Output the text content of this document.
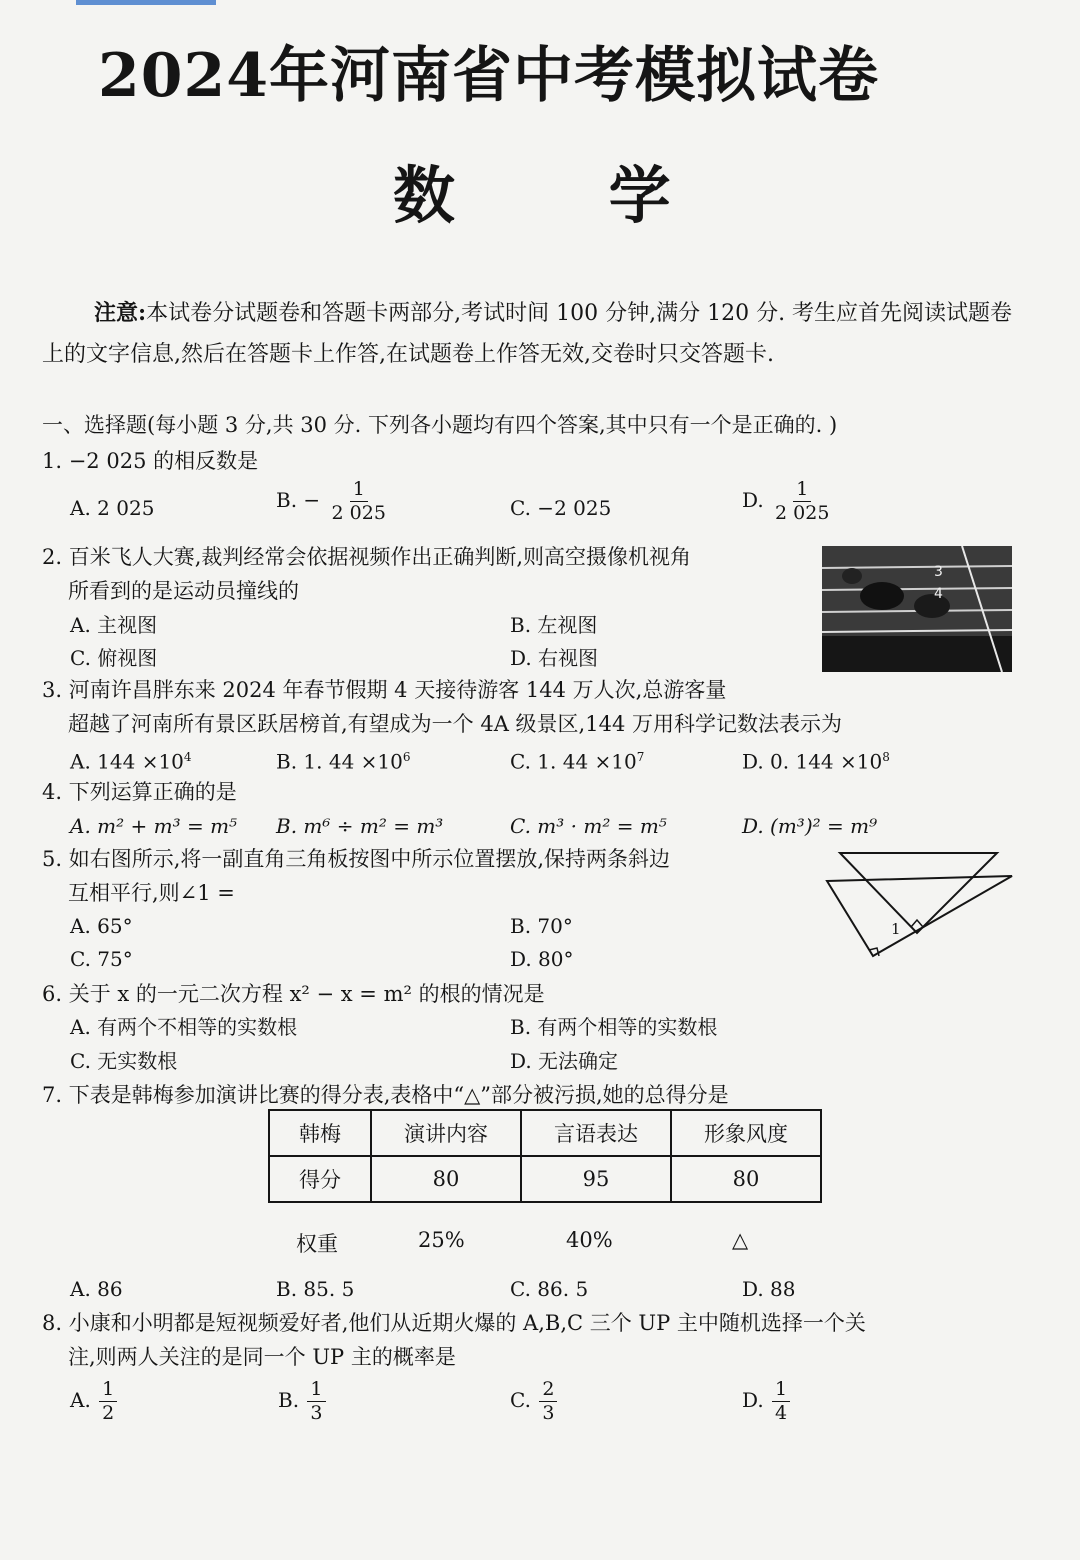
2024年河南省中考模拟试卷
数 学
注意:本试卷分试题卷和答题卡两部分,考试时间 100 分钟,满分 120 分. 考生应首先阅读试题卷上的文字信息,然后在答题卡上作答,在试题卷上作答无效,交卷时只交答题卡.
一、选择题(每小题 3 分,共 30 分. 下列各小题均有四个答案,其中只有一个是正确的. )
1. −2 025 的相反数是
A. 2 025	B. − $\frac{1}{2 025}$	C. −2 025	D. $\frac{1}{2 025}$
2. 百米飞人大赛,裁判经常会依据视频作出正确判断,则高空摄像机视角
所看到的是运动员撞线的
A. 主视图	B. 左视图
C. 俯视图	D. 右视图
3
4
3. 河南许昌胖东来 2024 年春节假期 4 天接待游客 144 万人次,总游客量
超越了河南所有景区跃居榜首,有望成为一个 4A 级景区,144 万用科学记数法表示为
A. $144 \times 10^4$	B. 1. $44 \times 10^6$	C. 1. $44 \times 10^7$	D. 0. $144 \times 10^8$
4. 下列运算正确的是
A. m² + m³ = m⁵ B. m⁶ ÷ m² = m³	C. m³ · m² = m⁵	D. (m³)² = m⁹
5. 如右图所示,将一副直角三角板按图中所示位置摆放,保持两条斜边
互相平行,则∠1 =
A. 65°	B. 70°
C. 75°	D. 80°
1
6. 关于 x 的一元二次方程 x² − x = m² 的根的情况是
A. 有两个不相等的实数根	B. 有两个相等的实数根
C. 无实数根	D. 无法确定
7. 下表是韩梅参加演讲比赛的得分表,表格中“△”部分被污损,她的总得分是
韩梅	演讲内容	言语表达	形象风度
得分	80	95	80
权重	25%	40%	△
A. 86	B. 85. 5	C. 86. 5	D. 88
8. 小康和小明都是短视频爱好者,他们从近期火爆的 A,B,C 三个 UP 主中随机选择一个关
注,则两人关注的是同一个 UP 主的概率是
A. $\frac{1}{2}$	B. $\frac{1}{3}$	C. $\frac{2}{3}$	D. $\frac{1}{4}$
